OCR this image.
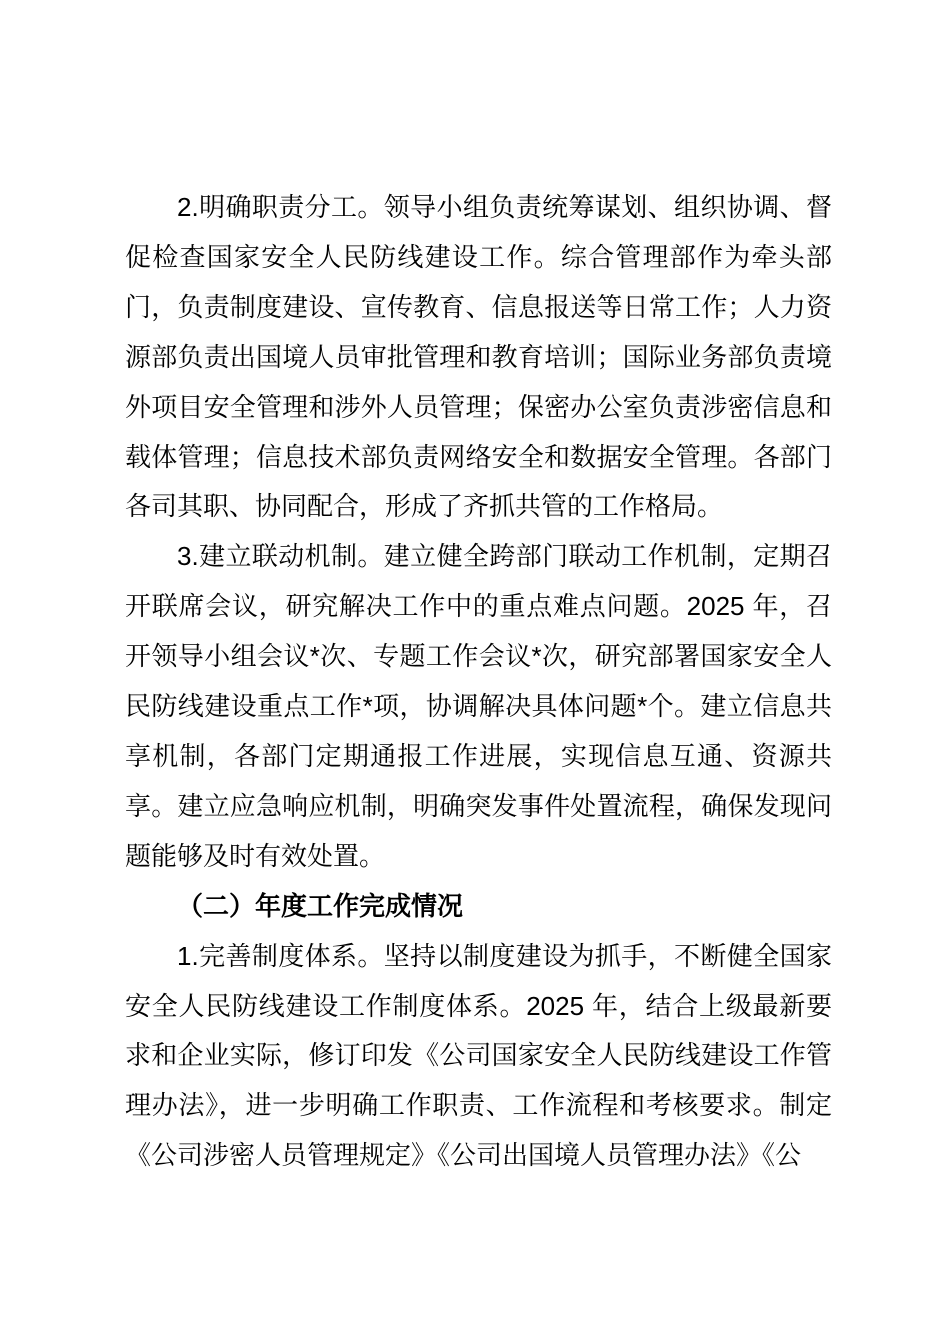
2.明确职责分工。领导小组负责统筹谋划、组织协调、督
促检查国家安全人民防线建设工作。综合管理部作为牵头部
门，负责制度建设、宣传教育、信息报送等日常工作；人力资
源部负责出国境人员审批管理和教育培训；国际业务部负责境
外项目安全管理和涉外人员管理；保密办公室负责涉密信息和
载体管理；信息技术部负责网络安全和数据安全管理。各部门
各司其职、协同配合，形成了齐抓共管的工作格局。
3.建立联动机制。建立健全跨部门联动工作机制，定期召
开联席会议，研究解决工作中的重点难点问题。2025 年，召
开领导小组会议*次、专题工作会议*次，研究部署国家安全人
民防线建设重点工作*项，协调解决具体问题*个。建立信息共
享机制，各部门定期通报工作进展，实现信息互通、资源共
享。建立应急响应机制，明确突发事件处置流程，确保发现问
题能够及时有效处置。
（二）年度工作完成情况
1.完善制度体系。坚持以制度建设为抓手，不断健全国家
安全人民防线建设工作制度体系。2025 年，结合上级最新要
求和企业实际，修订印发《公司国家安全人民防线建设工作管
理办法》，进一步明确工作职责、工作流程和考核要求。制定
《公司涉密人员管理规定》《公司出国境人员管理办法》《公
